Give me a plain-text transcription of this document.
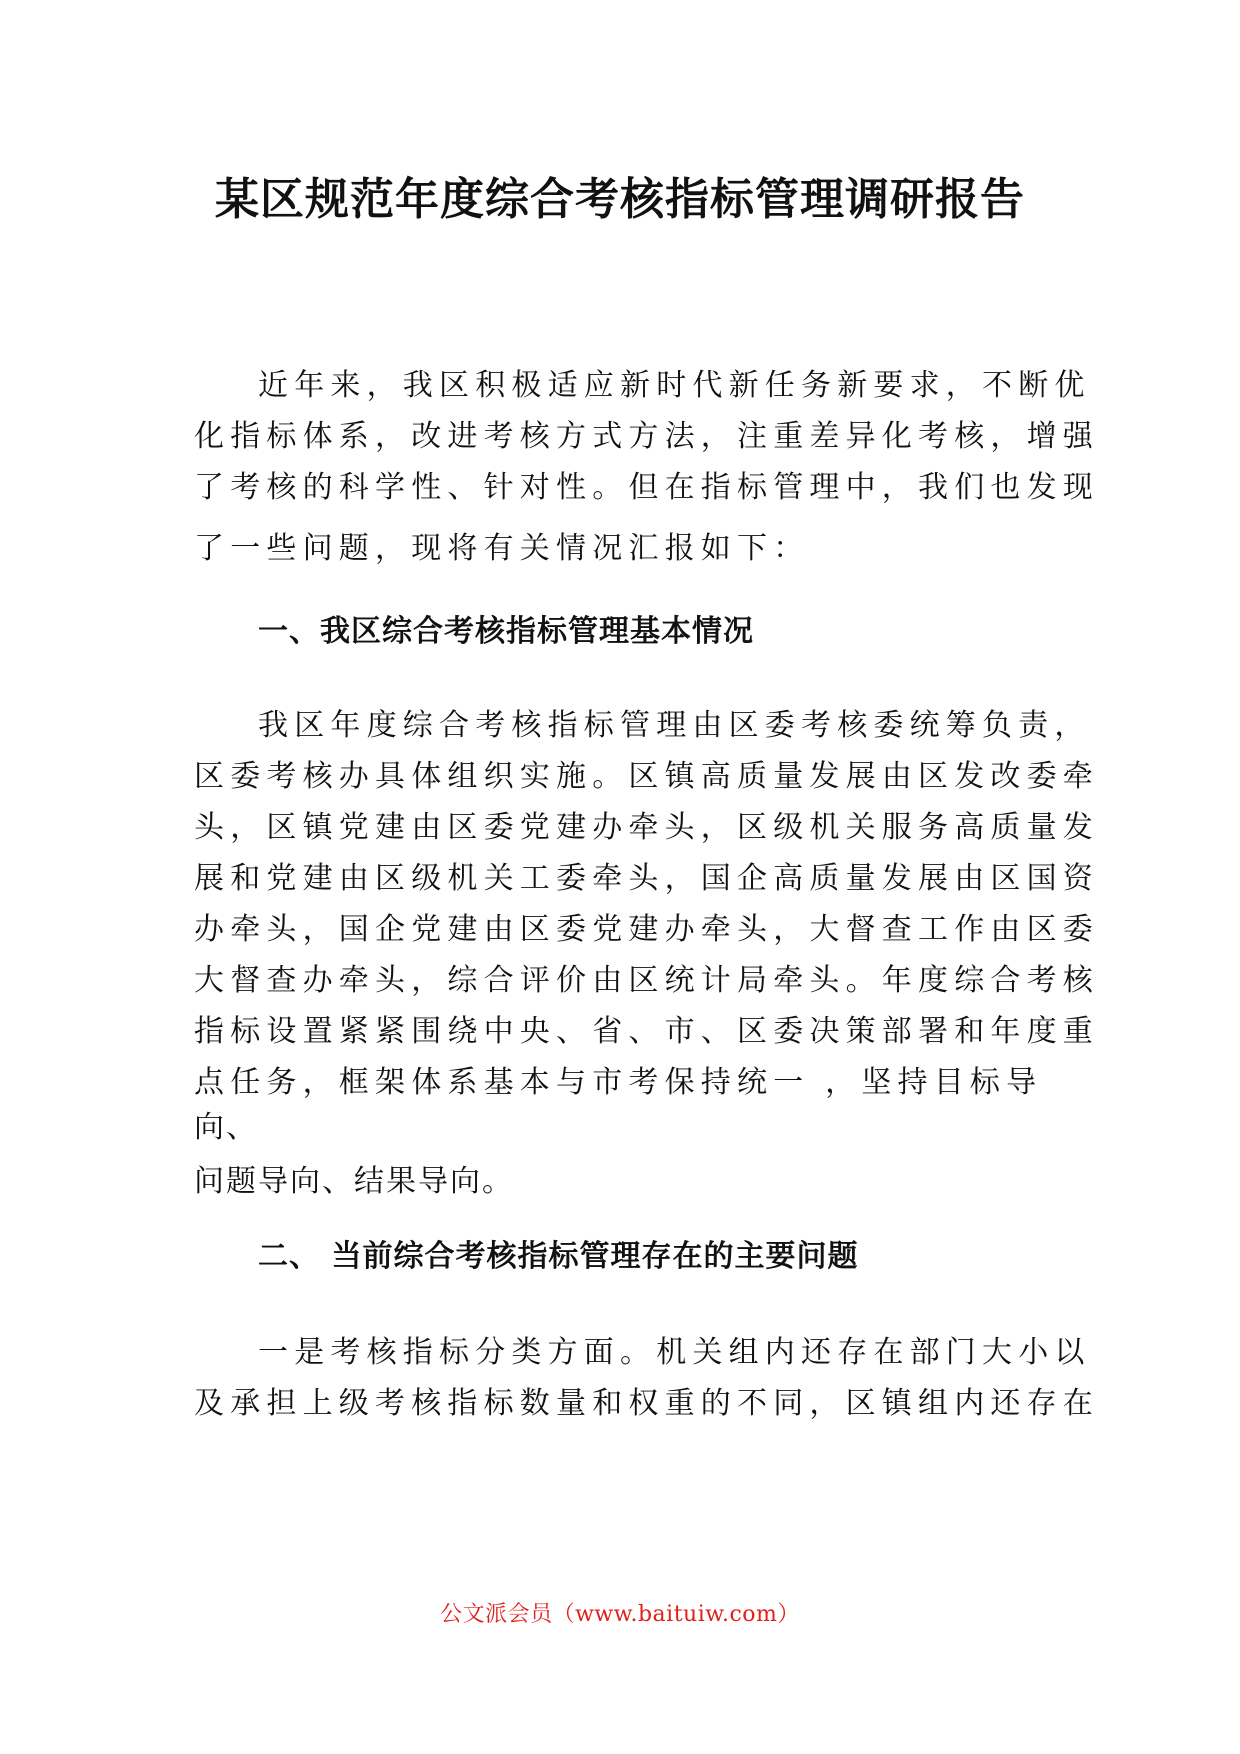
某区规范年度综合考核指标管理调研报告

近年来，我区积极适应新时代新任务新要求，不断优
化指标体系，改进考核方式方法，注重差异化考核，增强
了考核的科学性、针对性。但在指标管理中，我们也发现
了一些问题，现将有关情况汇报如下：

一、我区综合考核指标管理基本情况

我区年度综合考核指标管理由区委考核委统筹负责，
区委考核办具体组织实施。区镇高质量发展由区发改委牵
头，区镇党建由区委党建办牵头，区级机关服务高质量发
展和党建由区级机关工委牵头，国企高质量发展由区国资
办牵头，国企党建由区委党建办牵头，大督查工作由区委
大督查办牵头，综合评价由区统计局牵头。年度综合考核
指标设置紧紧围绕中央、省、市、区委决策部署和年度重
点任务，框架体系基本与市考保持统一 ，坚持目标导
向、
问题导向、结果导向。

二、 当前综合考核指标管理存在的主要问题

一是考核指标分类方面。机关组内还存在部门大小以
及承担上级考核指标数量和权重的不同，区镇组内还存在

公文派会员（www.baituiw.com）
